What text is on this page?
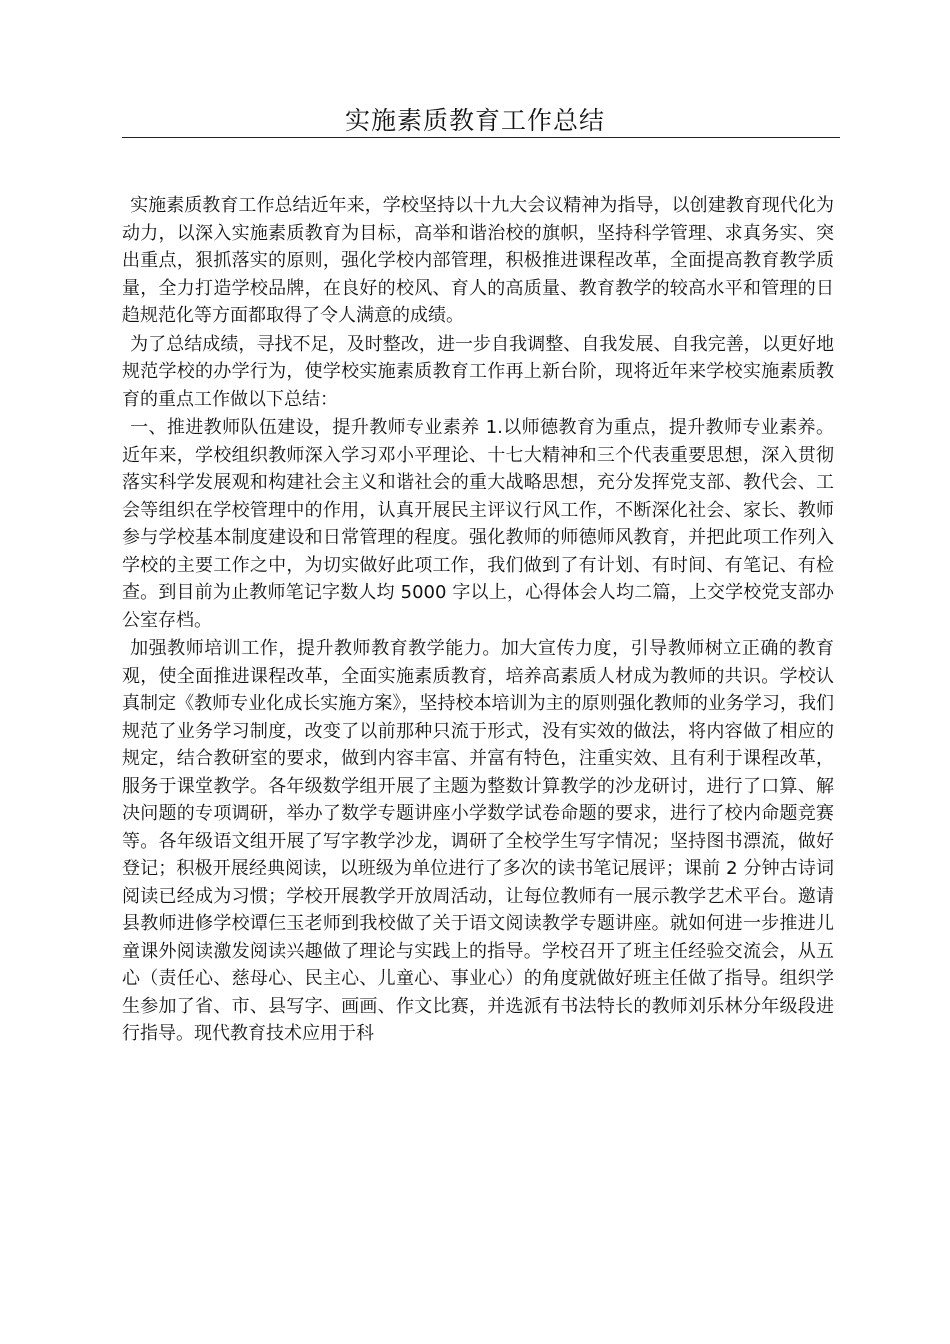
实施素质教育工作总结

实施素质教育工作总结近年来，学校坚持以十九大会议精神为指导，以创建教育现代化为动力，以深入实施素质教育为目标，高举和谐治校的旗帜，坚持科学管理、求真务实、突出重点，狠抓落实的原则，强化学校内部管理，积极推进课程改革，全面提高教育教学质量，全力打造学校品牌，在良好的校风、育人的高质量、教育教学的较高水平和管理的日趋规范化等方面都取得了令人满意的成绩。

为了总结成绩，寻找不足，及时整改，进一步自我调整、自我发展、自我完善，以更好地规范学校的办学行为，使学校实施素质教育工作再上新台阶，现将近年来学校实施素质教育的重点工作做以下总结：

一、推进教师队伍建设，提升教师专业素养 1.以师德教育为重点，提升教师专业素养。近年来，学校组织教师深入学习邓小平理论、十七大精神和三个代表重要思想，深入贯彻落实科学发展观和构建社会主义和谐社会的重大战略思想，充分发挥党支部、教代会、工会等组织在学校管理中的作用，认真开展民主评议行风工作，不断深化社会、家长、教师参与学校基本制度建设和日常管理的程度。强化教师的师德师风教育，并把此项工作列入学校的主要工作之中，为切实做好此项工作，我们做到了有计划、有时间、有笔记、有检查。到目前为止教师笔记字数人均 5000 字以上，心得体会人均二篇，上交学校党支部办公室存档。

加强教师培训工作，提升教师教育教学能力。加大宣传力度，引导教师树立正确的教育观，使全面推进课程改革，全面实施素质教育，培养高素质人材成为教师的共识。学校认真制定《教师专业化成长实施方案》，坚持校本培训为主的原则强化教师的业务学习，我们规范了业务学习制度，改变了以前那种只流于形式，没有实效的做法，将内容做了相应的规定，结合教研室的要求，做到内容丰富、并富有特色，注重实效、且有利于课程改革，服务于课堂教学。各年级数学组开展了主题为整数计算教学的沙龙研讨，进行了口算、解决问题的专项调研，举办了数学专题讲座小学数学试卷命题的要求，进行了校内命题竞赛等。各年级语文组开展了写字教学沙龙，调研了全校学生写字情况；坚持图书漂流，做好登记；积极开展经典阅读，以班级为单位进行了多次的读书笔记展评；课前 2 分钟古诗词阅读已经成为习惯；学校开展教学开放周活动，让每位教师有一展示教学艺术平台。邀请县教师进修学校谭仨玉老师到我校做了关于语文阅读教学专题讲座。就如何进一步推进儿童课外阅读激发阅读兴趣做了理论与实践上的指导。学校召开了班主任经验交流会，从五心（责任心、慈母心、民主心、儿童心、事业心）的角度就做好班主任做了指导。组织学生参加了省、市、县写字、画画、作文比赛，并选派有书法特长的教师刘乐林分年级段进行指导。现代教育技术应用于科
